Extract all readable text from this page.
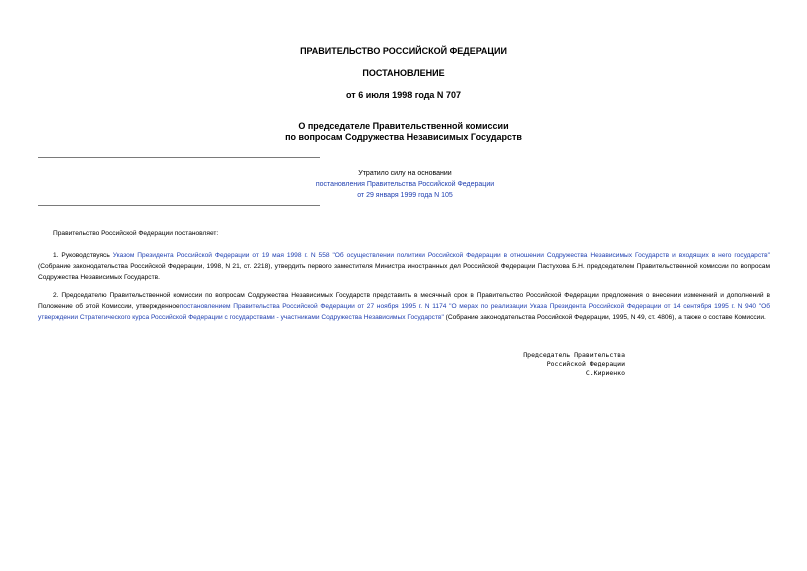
ПРАВИТЕЛЬСТВО РОССИЙСКОЙ ФЕДЕРАЦИИ
ПОСТАНОВЛЕНИЕ
от 6 июля 1998 года N 707
О председателе Правительственной комиссии
по вопросам Содружества Независимых Государств
Утратило силу на основании
постановления Правительства Российской Федерации
от 29 января 1999 года N 105

Правительство Российской Федерации постановляет:

1. Руководствуясь Указом Президента Российской Федерации от 19 мая 1998 г. N 558 "Об осуществлении политики Российской Федерации в отношении Содружества Независимых Государств и входящих в него государств" (Собрание законодательства Российской Федерации, 1998, N 21, ст. 2218), утвердить первого заместителя Министра иностранных дел Российской Федерации Пастухова Б.Н. председателем Правительственной комиссии по вопросам Содружества Независимых Государств.

2. Председателю Правительственной комиссии по вопросам Содружества Независимых Государств представить в месячный срок в Правительство Российской Федерации предложения о внесении изменений и дополнений в Положение об этой Комиссии, утвержденноепостановлением Правительства Российской Федерации от 27 ноября 1995 г. N 1174 "О мерах по реализации Указа Президента Российской Федерации от 14 сентября 1995 г. N 940 "Об утверждении Стратегического курса Российской Федерации с государствами - участниками Содружества Независимых Государств" (Собрание законодательства Российской Федерации, 1995, N 49, ст. 4806), а также о составе Комиссии.

Председатель Правительства
Российской Федерации
С.Кириенко
